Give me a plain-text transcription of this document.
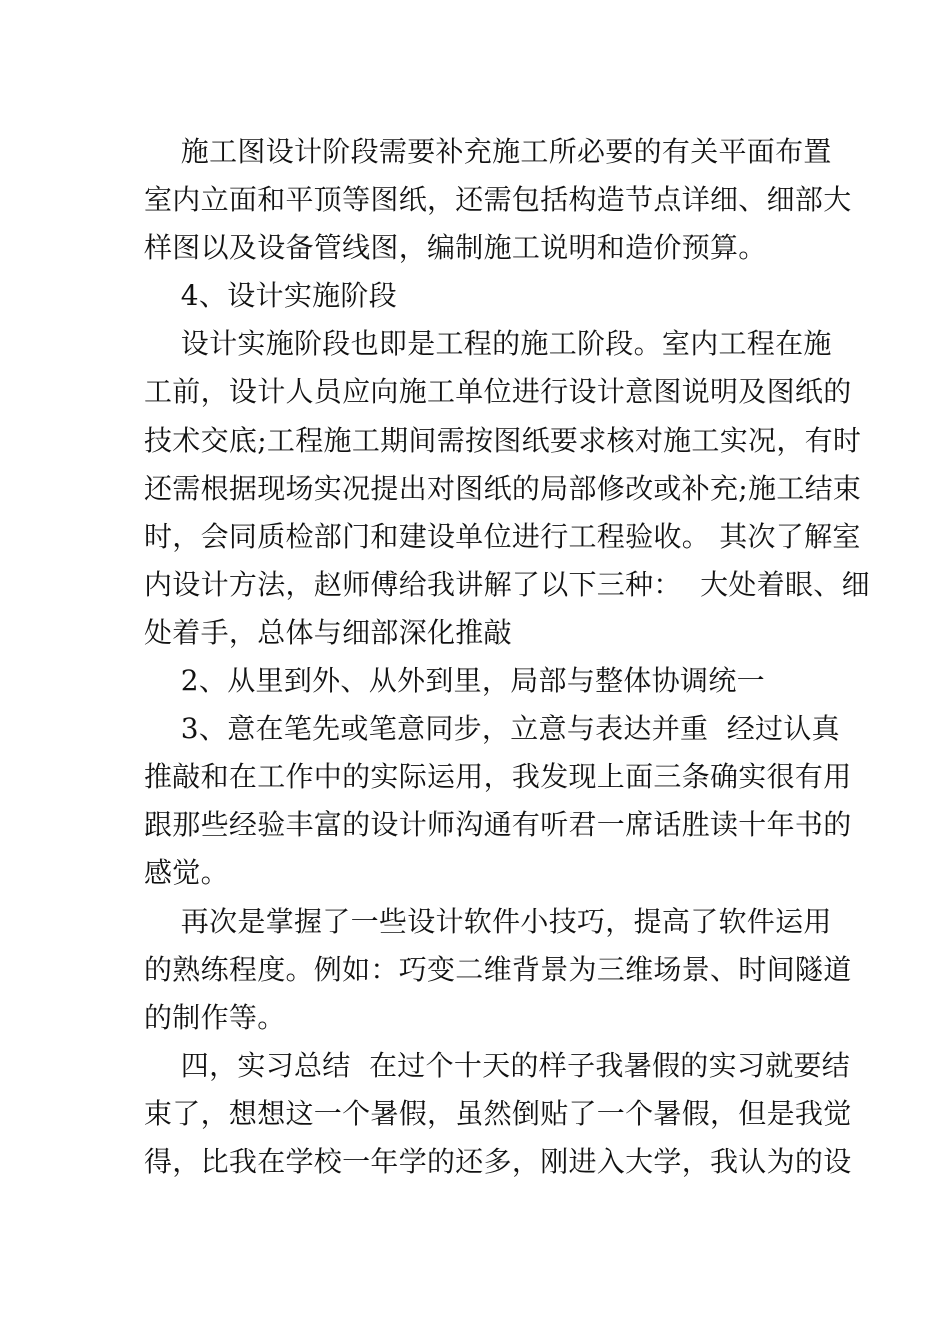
施工图设计阶段需要补充施工所必要的有关平面布置
室内立面和平顶等图纸，还需包括构造节点详细、细部大
样图以及设备管线图，编制施工说明和造价预算。
4、设计实施阶段
设计实施阶段也即是工程的施工阶段。室内工程在施
工前，设计人员应向施工单位进行设计意图说明及图纸的
技术交底;工程施工期间需按图纸要求核对施工实况，有时
还需根据现场实况提出对图纸的局部修改或补充;施工结束
时，会同质检部门和建设单位进行工程验收。 其次了解室
内设计方法，赵师傅给我讲解了以下三种：  大处着眼、细
处着手，总体与细部深化推敲
2、从里到外、从外到里，局部与整体协调统一
3、意在笔先或笔意同步，立意与表达并重  经过认真
推敲和在工作中的实际运用，我发现上面三条确实很有用
跟那些经验丰富的设计师沟通有听君一席话胜读十年书的
感觉。
再次是掌握了一些设计软件小技巧，提高了软件运用
的熟练程度。例如：巧变二维背景为三维场景、时间隧道
的制作等。
四，实习总结  在过个十天的样子我暑假的实习就要结
束了，想想这一个暑假，虽然倒贴了一个暑假，但是我觉
得，比我在学校一年学的还多，刚进入大学，我认为的设
